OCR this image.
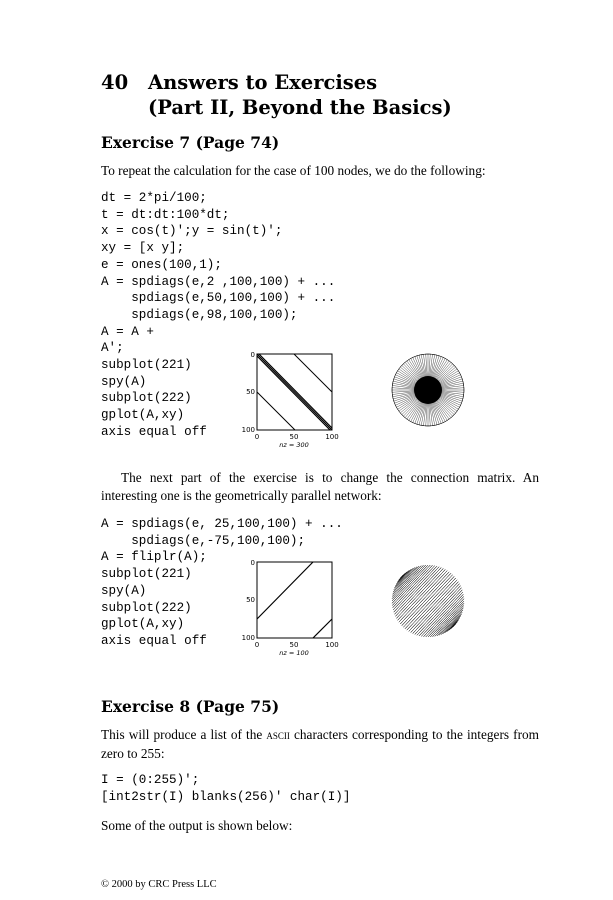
40 Answers to Exercises
(Part II, Beyond the Basics)
Exercise 7 (Page 74)
To repeat the calculation for the case of 100 nodes, we do the following:
dt = 2*pi/100;
t = dt:dt:100*dt;
x = cos(t)';y = sin(t)';
xy = [x y];
e = ones(100,1);
A = spdiags(e,2 ,100,100) + ...
spdiags(e,50,100,100) + ...
spdiags(e,98,100,100);
A = A +
A';
subplot(221)
spy(A)
subplot(222)
gplot(A,xy)
axis equal off
0
50
100
0	50	100
nz = 300
The next part of the exercise is to change the connection matrix. An interesting one is the geometrically parallel network:
A = spdiags(e, 25,100,100) + ...
spdiags(e,-75,100,100);
A = fliplr(A);
subplot(221)
spy(A)
subplot(222)
gplot(A,xy)
axis equal off
0
50
100
0	50	100
nz = 100
Exercise 8 (Page 75)
This will produce a list of the ascii characters corresponding to the integers from zero to 255:
I = (0:255)';
[int2str(I) blanks(256)' char(I)]
Some of the output is shown below:
© 2000 by CRC Press LLC
